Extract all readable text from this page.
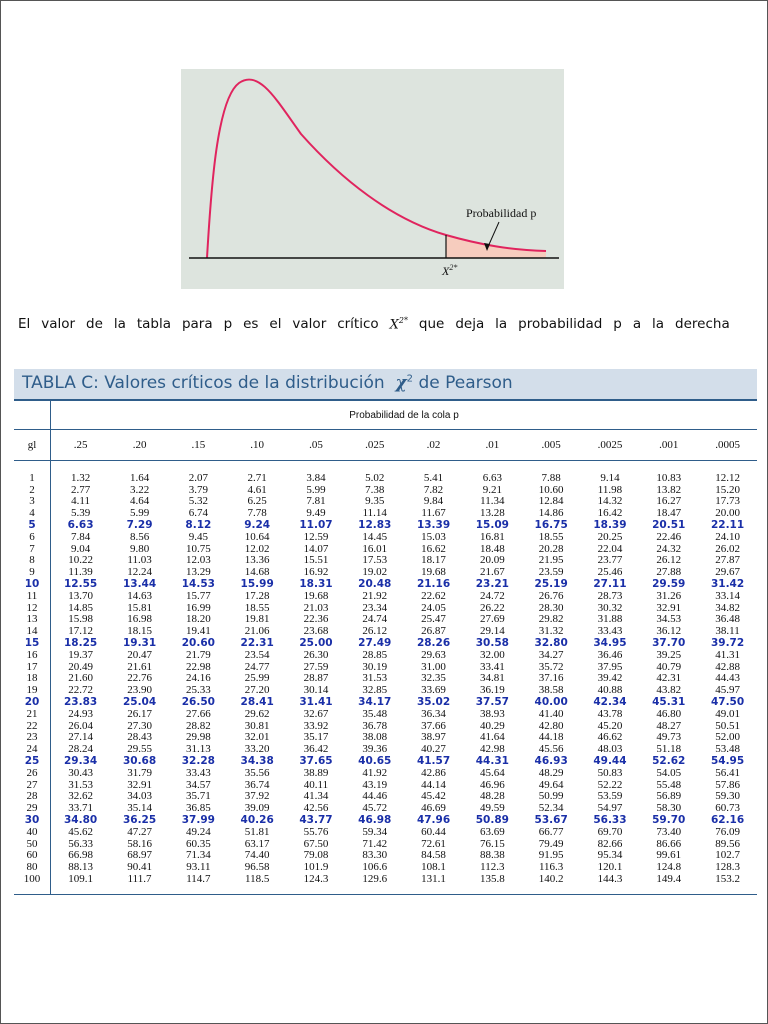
Probabilidad p
$X^{2*}$
El valor de la tabla para p es el valor crítico $X^{2*}$ que deja la probabilidad p a la derecha
TABLA C: Valores críticos de la distribución $\chi^2$ de Pearson
	Probabilidad de la cola p											
gl	.25	.20	.15	.10	.05	.025	.02	.01	.005	.0025	.001	.0005

1	1.32	1.64	2.07	2.71	3.84	5.02	5.41	6.63	7.88	9.14	10.83	12.12
2	2.77	3.22	3.79	4.61	5.99	7.38	7.82	9.21	10.60	11.98	13.82	15.20
3	4.11	4.64	5.32	6.25	7.81	9.35	9.84	11.34	12.84	14.32	16.27	17.73
4	5.39	5.99	6.74	7.78	9.49	11.14	11.67	13.28	14.86	16.42	18.47	20.00
5	6.63	7.29	8.12	9.24	11.07	12.83	13.39	15.09	16.75	18.39	20.51	22.11
6	7.84	8.56	9.45	10.64	12.59	14.45	15.03	16.81	18.55	20.25	22.46	24.10
7	9.04	9.80	10.75	12.02	14.07	16.01	16.62	18.48	20.28	22.04	24.32	26.02
8	10.22	11.03	12.03	13.36	15.51	17.53	18.17	20.09	21.95	23.77	26.12	27.87
9	11.39	12.24	13.29	14.68	16.92	19.02	19.68	21.67	23.59	25.46	27.88	29.67
10	12.55	13.44	14.53	15.99	18.31	20.48	21.16	23.21	25.19	27.11	29.59	31.42
11	13.70	14.63	15.77	17.28	19.68	21.92	22.62	24.72	26.76	28.73	31.26	33.14
12	14.85	15.81	16.99	18.55	21.03	23.34	24.05	26.22	28.30	30.32	32.91	34.82
13	15.98	16.98	18.20	19.81	22.36	24.74	25.47	27.69	29.82	31.88	34.53	36.48
14	17.12	18.15	19.41	21.06	23.68	26.12	26.87	29.14	31.32	33.43	36.12	38.11
15	18.25	19.31	20.60	22.31	25.00	27.49	28.26	30.58	32.80	34.95	37.70	39.72
16	19.37	20.47	21.79	23.54	26.30	28.85	29.63	32.00	34.27	36.46	39.25	41.31
17	20.49	21.61	22.98	24.77	27.59	30.19	31.00	33.41	35.72	37.95	40.79	42.88
18	21.60	22.76	24.16	25.99	28.87	31.53	32.35	34.81	37.16	39.42	42.31	44.43
19	22.72	23.90	25.33	27.20	30.14	32.85	33.69	36.19	38.58	40.88	43.82	45.97
20	23.83	25.04	26.50	28.41	31.41	34.17	35.02	37.57	40.00	42.34	45.31	47.50
21	24.93	26.17	27.66	29.62	32.67	35.48	36.34	38.93	41.40	43.78	46.80	49.01
22	26.04	27.30	28.82	30.81	33.92	36.78	37.66	40.29	42.80	45.20	48.27	50.51
23	27.14	28.43	29.98	32.01	35.17	38.08	38.97	41.64	44.18	46.62	49.73	52.00
24	28.24	29.55	31.13	33.20	36.42	39.36	40.27	42.98	45.56	48.03	51.18	53.48
25	29.34	30.68	32.28	34.38	37.65	40.65	41.57	44.31	46.93	49.44	52.62	54.95
26	30.43	31.79	33.43	35.56	38.89	41.92	42.86	45.64	48.29	50.83	54.05	56.41
27	31.53	32.91	34.57	36.74	40.11	43.19	44.14	46.96	49.64	52.22	55.48	57.86
28	32.62	34.03	35.71	37.92	41.34	44.46	45.42	48.28	50.99	53.59	56.89	59.30
29	33.71	35.14	36.85	39.09	42.56	45.72	46.69	49.59	52.34	54.97	58.30	60.73
30	34.80	36.25	37.99	40.26	43.77	46.98	47.96	50.89	53.67	56.33	59.70	62.16
40	45.62	47.27	49.24	51.81	55.76	59.34	60.44	63.69	66.77	69.70	73.40	76.09
50	56.33	58.16	60.35	63.17	67.50	71.42	72.61	76.15	79.49	82.66	86.66	89.56
60	66.98	68.97	71.34	74.40	79.08	83.30	84.58	88.38	91.95	95.34	99.61	102.7
80	88.13	90.41	93.11	96.58	101.9	106.6	108.1	112.3	116.3	120.1	124.8	128.3
100	109.1	111.7	114.7	118.5	124.3	129.6	131.1	135.8	140.2	144.3	149.4	153.2
